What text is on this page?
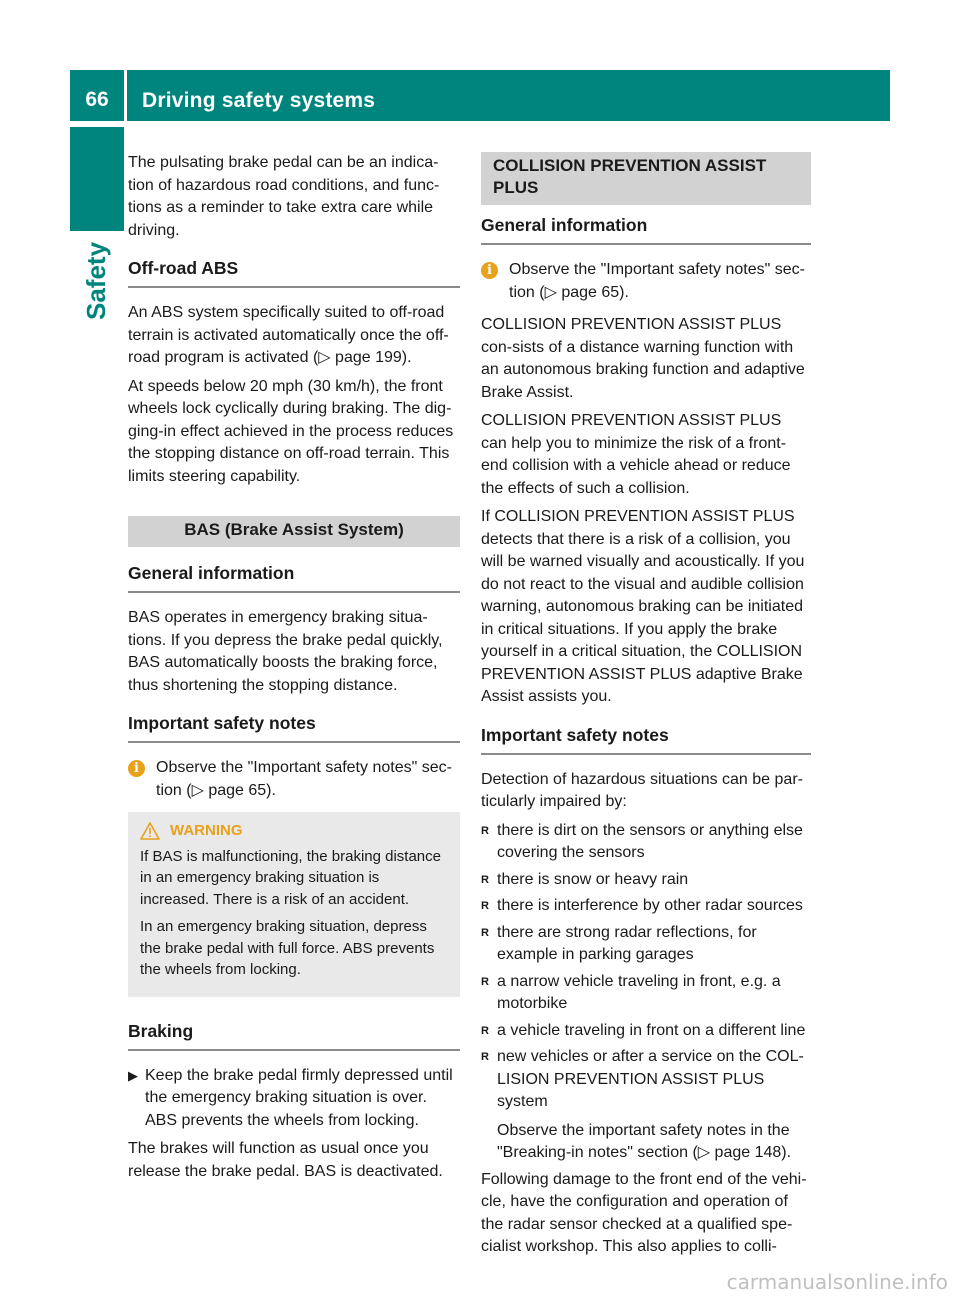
66	Driving safety systems
Safety

The pulsating brake pedal can be an indica-
tion of hazardous road conditions, and func-
tions as a reminder to take extra care while
driving.

Off-road ABS

An ABS system specifically suited to off-road terrain is activated automatically once the off-road program is activated (▷ page 199).

At speeds below 20 mph (30 km/h), the front wheels lock cyclically during braking. The dig-ging-in effect achieved in the process reduces the stopping distance on off-road terrain. This limits steering capability.

BAS (Brake Assist System)
General information

BAS operates in emergency braking situa-tions. If you depress the brake pedal quickly, BAS automatically boosts the braking force, thus shortening the stopping distance.

Important safety notes
i	Observe the "Important safety notes" sec-tion (▷ page 65).
WARNING

If BAS is malfunctioning, the braking distance in an emergency braking situation is increased. There is a risk of an accident.

In an emergency braking situation, depress the brake pedal with full force. ABS prevents the wheels from locking.

Braking
▶ Keep the brake pedal firmly depressed until the emergency braking situation is over. ABS prevents the wheels from locking.

The brakes will function as usual once you release the brake pedal. BAS is deactivated.

COLLISION PREVENTION ASSIST PLUS
General information
i	Observe the "Important safety notes" sec-tion (▷ page 65).

COLLISION PREVENTION ASSIST PLUS con-sists of a distance warning function with an autonomous braking function and adaptive Brake Assist.

COLLISION PREVENTION ASSIST PLUS can help you to minimize the risk of a front-end collision with a vehicle ahead or reduce the effects of such a collision.

If COLLISION PREVENTION ASSIST PLUS detects that there is a risk of a collision, you will be warned visually and acoustically. If you do not react to the visual and audible collision warning, autonomous braking can be initiated in critical situations. If you apply the brake yourself in a critical situation, the COLLISION PREVENTION ASSIST PLUS adaptive Brake Assist assists you.

Important safety notes

Detection of hazardous situations can be par-ticularly impaired by:

R there is dirt on the sensors or anything else covering the sensors
R there is snow or heavy rain
R there is interference by other radar sources
R there are strong radar reflections, for example in parking garages
R a narrow vehicle traveling in front, e.g. a motorbike
R a vehicle traveling in front on a different line
R new vehicles or after a service on the COL-LISION PREVENTION ASSIST PLUS system
Observe the important safety notes in the "Breaking-in notes" section (▷ page 148).

Following damage to the front end of the vehi-cle, have the configuration and operation of the radar sensor checked at a qualified spe-cialist workshop. This also applies to colli-

carmanualsonline.info
